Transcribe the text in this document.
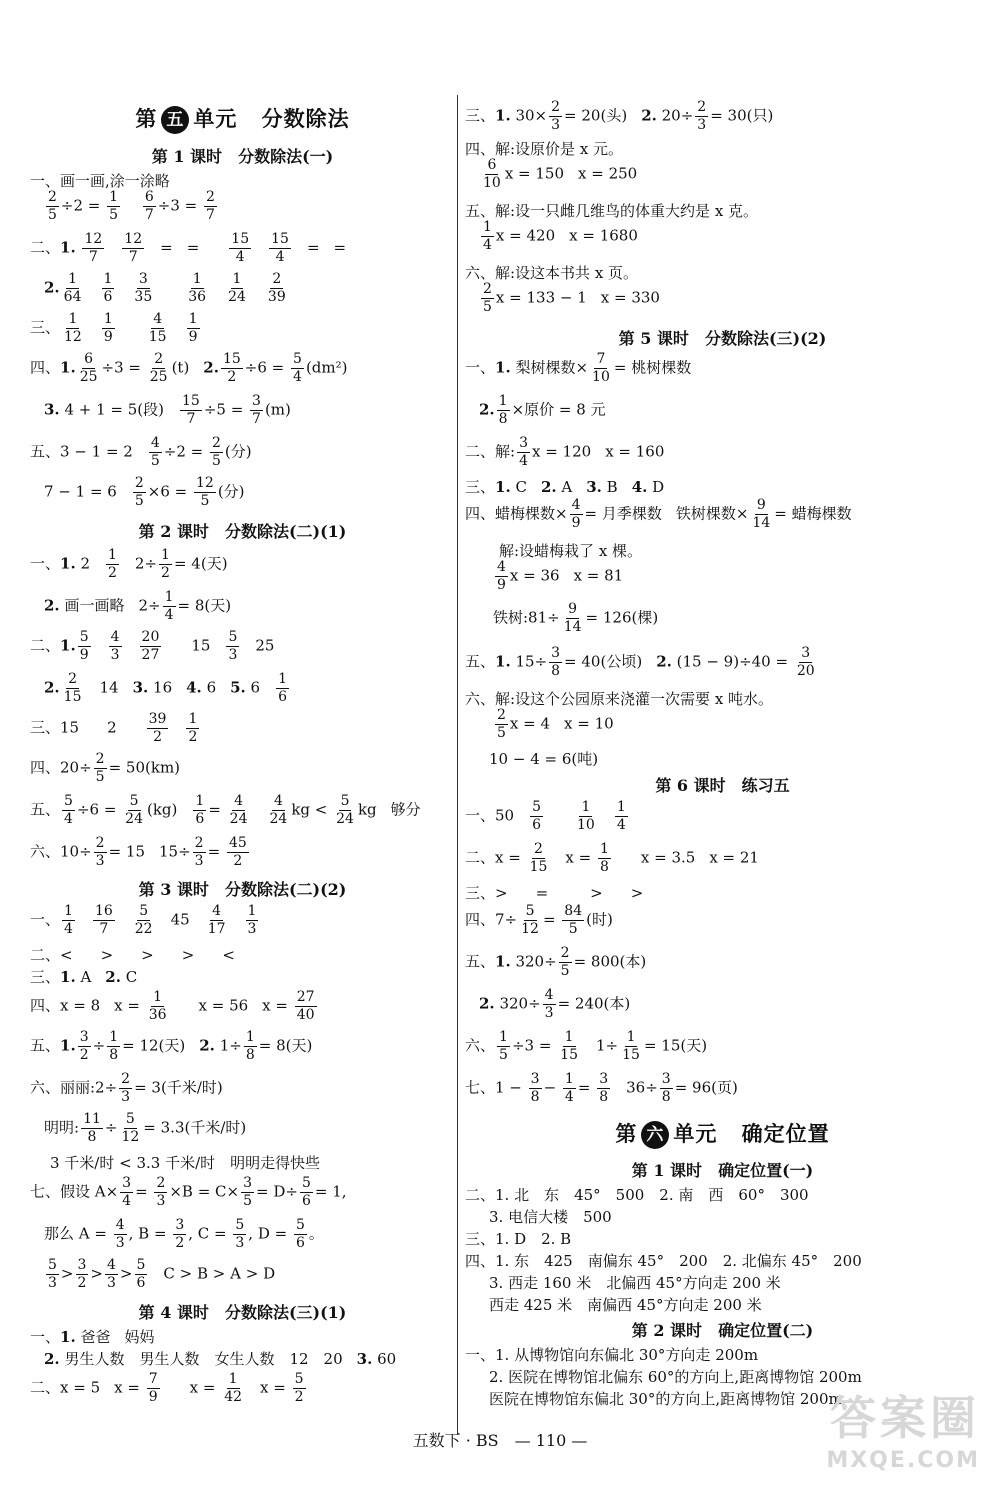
第 五 单元 分数除法
第 1 课时　 分数除法(一)
一、画一画,涂一涂略
$\frac{2}{5} \div 2 = \frac{1}{5}$
$\frac{6}{7} \div 3 = \frac{2}{7}$
二、1. $\frac{12}{7} \frac{12}{7}$ = = $\frac{15}{4} \frac{15}{4}$ = =
2. $\frac{1}{64} \frac{1}{6} \frac{3}{35} \frac{1}{36} \frac{1}{24} \frac{2}{39}$
三、 $\frac{1}{12} \frac{1}{9} \frac{4}{15} \frac{1}{9}$
四、1. $\frac{6}{25} \div 3 = \frac{2}{25} (t)$ 2. $\frac{15}{2} \div 6 = \frac{5}{4} (dm^2)$
3. 4 + 1 = 5(段) $\frac{15}{7} \div 5 = \frac{3}{7} (m)$
五、$3 - 1 = 2 \frac{4}{5} \div 2 = \frac{2}{5}$ (分)
$7 - 1 = 6 \frac{2}{5} \times 6 = \frac{12}{5}$ (分)
第 2 课时　 分数除法(二)(1)
一、1. $2 \frac{1}{2} 2\div \frac{1}{2} = 4$(天)
2. 画一画略 $2\div \frac{1}{4} = 8$(天)
二、1. $\frac{5}{9} \frac{4}{3} \frac{20}{27} 15 \frac{5}{3} 25$
2. $\frac{2}{15} 14$ 3. 16 4. 6 5. $6 \frac{1}{6}$
三、15 $2 \frac{39}{2} \frac{1}{2}$
四、$20\div \frac{2}{5} = 50(km)$
五、 $\frac{5}{4} \div 6 = \frac{5}{24} (kg) \frac{1}{6} = \frac{4}{24} \frac{4}{24}$ kg < $\frac{5}{24}$ kg 够分
六、$10\div \frac{2}{3} = 15$ $15\div \frac{2}{3} = \frac{45}{2}$
第 3 课时　 分数除法(二)(2)
一、 $\frac{1}{4} \frac{16}{7} \frac{5}{22} 45 \frac{4}{17} \frac{1}{3}$
二、< > > > <
三、1. A 2. C
四、x = 8 $x = \frac{1}{36}$ x = 56 $x = \frac{27}{40}$
五、1. $\frac{3}{2} \div \frac{1}{8} = 12$(天) 2. $1\div \frac{1}{8} = 8$(天)
六、丽丽:2÷ $\frac{2}{3} = 3$(千米/时)
明明: $\frac{11}{8} \div \frac{5}{12} = 3.3$(千米/时)
3 千米/时 < 3.3 千米/时　明明走得快些
七、假设 $A\times \frac{3}{4} = \frac{2}{3} \times B = C\times \frac{3}{5} = D\div \frac{5}{6} = 1$,
那么 $A = \frac{4}{3}$ , $B = \frac{3}{2}$ , $C = \frac{5}{3}$ , $D = \frac{5}{6}$ 。
$\frac{5}{3} > \frac{3}{2} > \frac{4}{3} > \frac{5}{6}$ C > B > A > D
第 4 课时　 分数除法(三)(1)
一、1. 爸爸 妈妈
2. 男生人数　男生人数　女生人数　12　20 3. 60
二、x = 5 $x = \frac{7}{9}$ $x = \frac{1}{42}$ $x = \frac{5}{2}$
三、1. $30\times \frac{2}{3} = 20$(头) 2. $20\div \frac{2}{3} = 30$(只)
四、解:设原价是 x 元。
$\frac{6}{10}$ x = 150 x = 250
五、解:设一只雌几维鸟的体重大约是 x 克。
$\frac{1}{4}$ x = 420 x = 1680
六、解:设这本书共 x 页。
$\frac{2}{5}$ x = 133 − 1 x = 330
第 5 课时　 分数除法(三)(2)
一、1. 梨树棵数× $\frac{7}{10}$ = 桃树棵数
2. $\frac{1}{8}$ ×原价 = 8 元
二、解: $\frac{3}{4}$ x = 120 x = 160
三、1. C 2. A 3. B 4. D
四、蜡梅棵数× $\frac{4}{9}$ = 月季棵数 铁树棵数× $\frac{9}{14}$ = 蜡梅棵数
解:设蜡梅栽了 x 棵。
$\frac{4}{9}$ x = 36 x = 81
铁树:81÷ $\frac{9}{14} = 126$(棵)
五、1. $15\div \frac{3}{8} = 40$(公顷) 2. $(15 - 9)\div 40 = \frac{3}{20}$
六、解:设这个公园原来浇灌一次需要 x 吨水。
$\frac{2}{5}$ x = 4 x = 10
10 − 4 = 6(吨)
第 6 课时　 练习五
一、$50 \frac{5}{6} \frac{1}{10} \frac{1}{4}$
二、$x = \frac{2}{15}$ $x = \frac{1}{8}$ x = 3.5 x = 21
三、> =	> >
四、$7\div \frac{5}{12} = \frac{84}{5}$ (时)
五、1. $320\div \frac{2}{5} = 800$(本)
2. $320\div \frac{4}{3} = 240$(本)
六、 $\frac{1}{5} \div 3 = \frac{1}{15} 1\div \frac{1}{15} = 15$(天)
七、$1 - \frac{3}{8} - \frac{1}{4} = \frac{3}{8} 36\div \frac{3}{8} = 96$(页)
第 六 单元 确定位置
第 1 课时　 确定位置(一)
二、1. 北　东　45°　500　2. 南　西　60°　300
3. 电信大楼　500
三、1. D　2. B
四、1. 东　425　南偏东 45°　200　2. 北偏东 45°　200
3. 西走 160 米　北偏西 45°方向走 200 米
西走 425 米　南偏西 45°方向走 200 米
第 2 课时　 确定位置(二)
一、1. 从博物馆向东偏北 30°方向走 200m
2. 医院在博物馆北偏东 60°的方向上,距离博物馆 200m
医院在博物馆东偏北 30°的方向上,距离博物馆 200m
五数下 · BS　— 110 —	答案圈
MXQE.COM
